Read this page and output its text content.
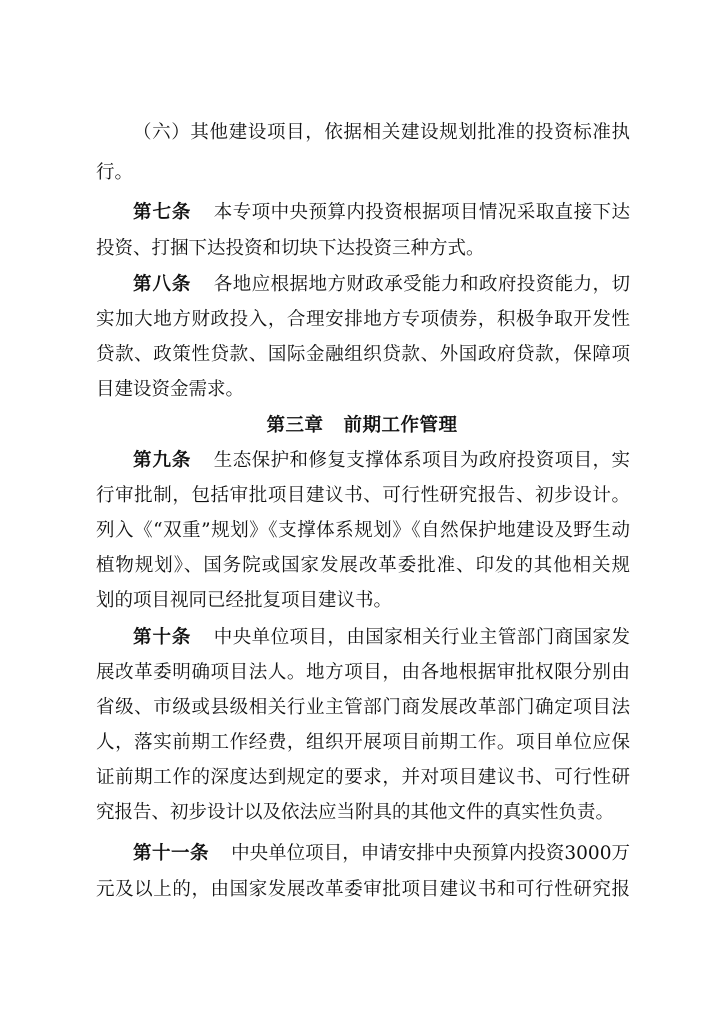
（六）其他建设项目，依据相关建设规划批准的投资标准执
行。
第七条 本专项中央预算内投资根据项目情况采取直接下达
投资、打捆下达投资和切块下达投资三种方式。
第八条 各地应根据地方财政承受能力和政府投资能力，切
实加大地方财政投入，合理安排地方专项债券，积极争取开发性
贷款、政策性贷款、国际金融组织贷款、外国政府贷款，保障项
目建设资金需求。
第三章 前期工作管理
第九条 生态保护和修复支撑体系项目为政府投资项目，实
行审批制，包括审批项目建议书、可行性研究报告、初步设计。
列入《“双重”规划》《支撑体系规划》《自然保护地建设及野生动
植物规划》、国务院或国家发展改革委批准、印发的其他相关规
划的项目视同已经批复项目建议书。
第十条 中央单位项目，由国家相关行业主管部门商国家发
展改革委明确项目法人。地方项目，由各地根据审批权限分别由
省级、市级或县级相关行业主管部门商发展改革部门确定项目法
人，落实前期工作经费，组织开展项目前期工作。项目单位应保
证前期工作的深度达到规定的要求，并对项目建议书、可行性研
究报告、初步设计以及依法应当附具的其他文件的真实性负责。
第十一条 中央单位项目，申请安排中央预算内投资3000万
元及以上的，由国家发展改革委审批项目建议书和可行性研究报
